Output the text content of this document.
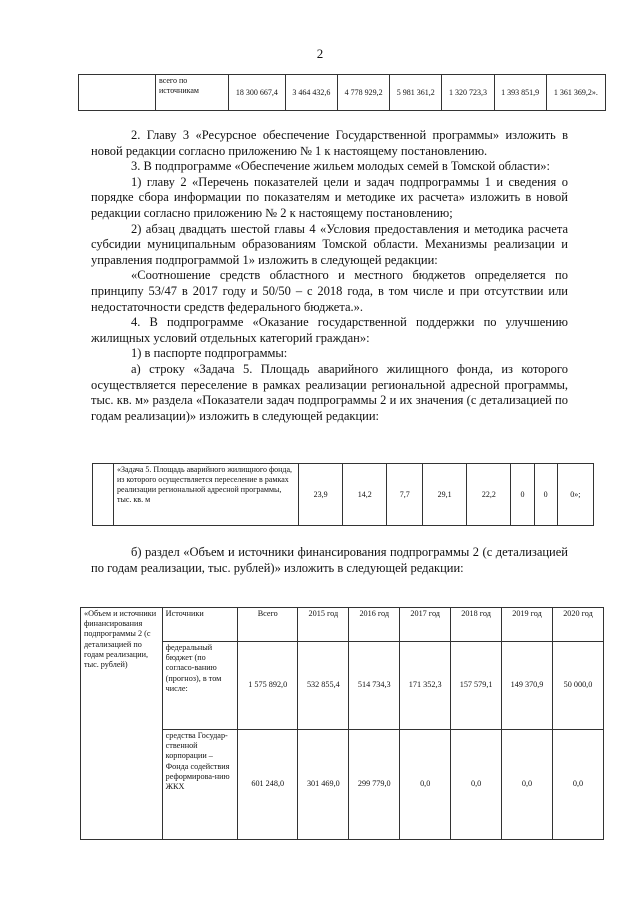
2
	всего по источникам	18 300 667,4	3 464 432,6	4 778 929,2	5 981 361,2	1 320 723,3	1 393 851,9	1 361 369,2».

2. Главу 3 «Ресурсное обеспечение Государственной программы» изложить в новой редакции согласно приложению № 1 к настоящему постановлению.

3. В подпрограмме «Обеспечение жильем молодых семей в Томской области»:

1) главу 2 «Перечень показателей цели и задач подпрограммы 1 и сведения о порядке сбора информации по показателям и методике их расчета» изложить в новой редакции согласно приложению № 2 к настоящему постановлению;

2) абзац двадцать шестой главы 4 «Условия предоставления и методика расчета субсидии муниципальным образованиям Томской области. Механизмы реализации и управления подпрограммой 1» изложить в следующей редакции:

«Соотношение средств областного и местного бюджетов определяется по принципу 53/47 в 2017 году и 50/50 – с 2018 года, в том числе и при отсутствии или недостаточности средств федерального бюджета.».

4. В подпрограмме «Оказание государственной поддержки по улучшению жилищных условий отдельных категорий граждан»:

1) в паспорте подпрограммы:

а) строку «Задача 5. Площадь аварийного жилищного фонда, из которого осуществляется переселение в рамках реализации региональной адресной программы, тыс. кв. м» раздела «Показатели задач подпрограммы 2 и их значения (с детализацией по годам реализации)» изложить в следующей редакции:

	«Задача 5. Площадь аварийного жилищного фонда, из которого осуществляется переселение в рамках реализации региональной адресной программы, тыс. кв. м	23,9	14,2	7,7	29,1	22,2	0	0	0»;

б) раздел «Объем и источники финансирования подпрограммы 2 (с детализацией по годам реализации, тыс. рублей)» изложить в следующей редакции:

«Объем и источники финансирования подпрограммы 2 (с детализацией по годам реализации, тыс. рублей)	Источники	Всего	2015 год	2016 год	2017 год	2018 год	2019 год	2020 год
	федеральный бюджет (по согласо-ванию (прогноз), в том числе:	1 575 892,0	532 855,4	514 734,3	171 352,3	157 579,1	149 370,9	50 000,0
	средства Государ-ственной корпорации – Фонда содействия реформирова-нию ЖКХ	601 248,0	301 469,0	299 779,0	0,0	0,0	0,0	0,0
